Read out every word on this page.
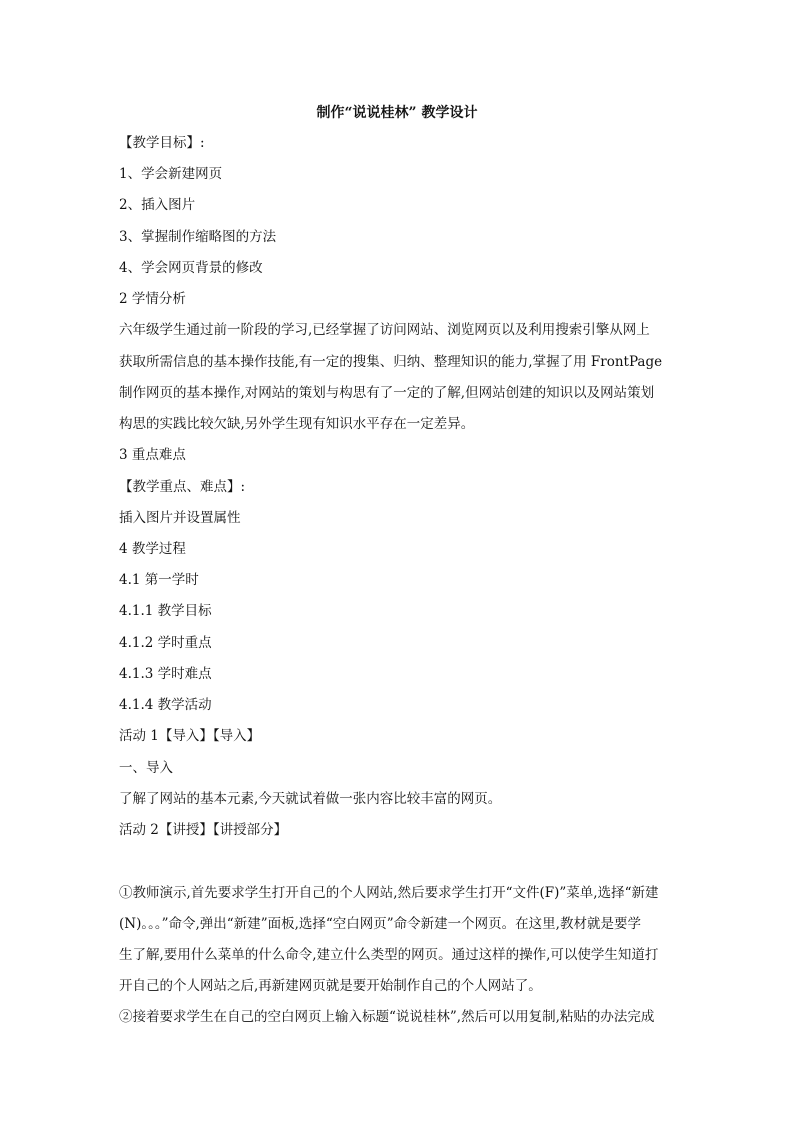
制作“说说桂林” 教学设计
【教学目标】:
1、学会新建网页
2、插入图片
3、掌握制作缩略图的方法
4、学会网页背景的修改
2 学情分析
六年级学生通过前一阶段的学习,已经掌握了访问网站、浏览网页以及利用搜索引擎从网上
获取所需信息的基本操作技能,有一定的搜集、归纳、整理知识的能力,掌握了用 FrontPage
制作网页的基本操作,对网站的策划与构思有了一定的了解,但网站创建的知识以及网站策划
构思的实践比较欠缺,另外学生现有知识水平存在一定差异。
3 重点难点
【教学重点、难点】:
插入图片并设置属性
4 教学过程
4.1 第一学时
4.1.1 教学目标
4.1.2 学时重点
4.1.3 学时难点
4.1.4 教学活动
活动 1【导入】【导入】
一、导入
了解了网站的基本元素,今天就试着做一张内容比较丰富的网页。
活动 2【讲授】【讲授部分】
①教师演示,首先要求学生打开自己的个人网站,然后要求学生打开“文件(F)”菜单,选择“新建
(N)。。。”命令,弹出“新建”面板,选择“空白网页”命令新建一个网页。在这里,教材就是要学
生了解,要用什么菜单的什么命令,建立什么类型的网页。通过这样的操作,可以使学生知道打
开自己的个人网站之后,再新建网页就是要开始制作自己的个人网站了。
②接着要求学生在自己的空白网页上输入标题“说说桂林”,然后可以用复制,粘贴的办法完成
